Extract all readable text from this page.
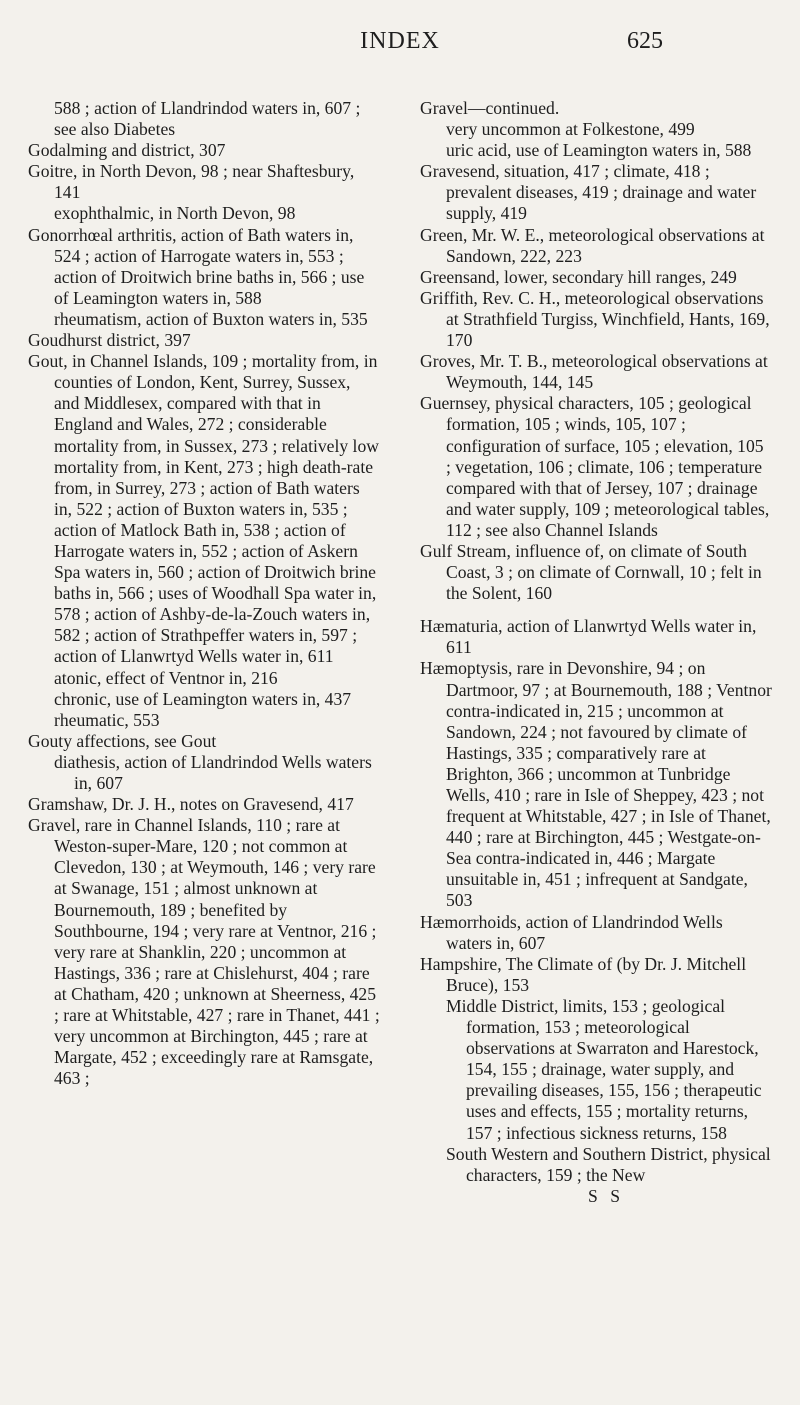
INDEX	625

588 ; action of Llandrindod waters in, 607 ; see also Diabetes

Godalming and district, 307

Goitre, in North Devon, 98 ; near Shaftesbury, 141

exophthalmic, in North Devon, 98

Gonorrhœal arthritis, action of Bath waters in, 524 ; action of Harrogate waters in, 553 ; action of Droitwich brine baths in, 566 ; use of Leamington waters in, 588

rheumatism, action of Buxton waters in, 535

Goudhurst district, 397

Gout, in Channel Islands, 109 ; mortality from, in counties of London, Kent, Surrey, Sussex, and Middlesex, compared with that in England and Wales, 272 ; considerable mortality from, in Sussex, 273 ; relatively low mortality from, in Kent, 273 ; high death-rate from, in Surrey, 273 ; action of Bath waters in, 522 ; action of Buxton waters in, 535 ; action of Matlock Bath in, 538 ; action of Harrogate waters in, 552 ; action of Askern Spa waters in, 560 ; action of Droitwich brine baths in, 566 ; uses of Woodhall Spa water in, 578 ; action of Ashby-de-la-Zouch waters in, 582 ; action of Strathpeffer waters in, 597 ; action of Llanwrtyd Wells water in, 611

atonic, effect of Ventnor in, 216

chronic, use of Leamington waters in, 437

rheumatic, 553

Gouty affections, see Gout

diathesis, action of Llandrindod Wells waters in, 607

Gramshaw, Dr. J. H., notes on Gravesend, 417

Gravel, rare in Channel Islands, 110 ; rare at Weston-super-Mare, 120 ; not common at Clevedon, 130 ; at Weymouth, 146 ; very rare at Swanage, 151 ; almost unknown at Bournemouth, 189 ; benefited by Southbourne, 194 ; very rare at Ventnor, 216 ; very rare at Shanklin, 220 ; uncommon at Hastings, 336 ; rare at Chislehurst, 404 ; rare at Chatham, 420 ; unknown at Sheerness, 425 ; rare at Whitstable, 427 ; rare in Thanet, 441 ; very uncommon at Birchington, 445 ; rare at Margate, 452 ; exceedingly rare at Ramsgate, 463 ;

Gravel—continued.

very uncommon at Folkestone, 499

uric acid, use of Leamington waters in, 588

Gravesend, situation, 417 ; climate, 418 ; prevalent diseases, 419 ; drainage and water supply, 419

Green, Mr. W. E., meteorological observations at Sandown, 222, 223

Greensand, lower, secondary hill ranges, 249

Griffith, Rev. C. H., meteorological observations at Strathfield Turgiss, Winchfield, Hants, 169, 170

Groves, Mr. T. B., meteorological observations at Weymouth, 144, 145

Guernsey, physical characters, 105 ; geological formation, 105 ; winds, 105, 107 ; configuration of surface, 105 ; elevation, 105 ; vegetation, 106 ; climate, 106 ; temperature compared with that of Jersey, 107 ; drainage and water supply, 109 ; meteorological tables, 112 ; see also Channel Islands

Gulf Stream, influence of, on climate of South Coast, 3 ; on climate of Cornwall, 10 ; felt in the Solent, 160

Hæmaturia, action of Llanwrtyd Wells water in, 611

Hæmoptysis, rare in Devonshire, 94 ; on Dartmoor, 97 ; at Bournemouth, 188 ; Ventnor contra-indicated in, 215 ; uncommon at Sandown, 224 ; not favoured by climate of Hastings, 335 ; comparatively rare at Brighton, 366 ; uncommon at Tunbridge Wells, 410 ; rare in Isle of Sheppey, 423 ; not frequent at Whitstable, 427 ; in Isle of Thanet, 440 ; rare at Birchington, 445 ; Westgate-on-Sea contra-indicated in, 446 ; Margate unsuitable in, 451 ; infrequent at Sandgate, 503

Hæmorrhoids, action of Llandrindod Wells waters in, 607

Hampshire, The Climate of (by Dr. J. Mitchell Bruce), 153

Middle District, limits, 153 ; geological formation, 153 ; meteorological observations at Swarraton and Harestock, 154, 155 ; drainage, water supply, and prevailing diseases, 155, 156 ; therapeutic uses and effects, 155 ; mortality returns, 157 ; infectious sickness returns, 158

South Western and Southern District, physical characters, 159 ; the New

S S
